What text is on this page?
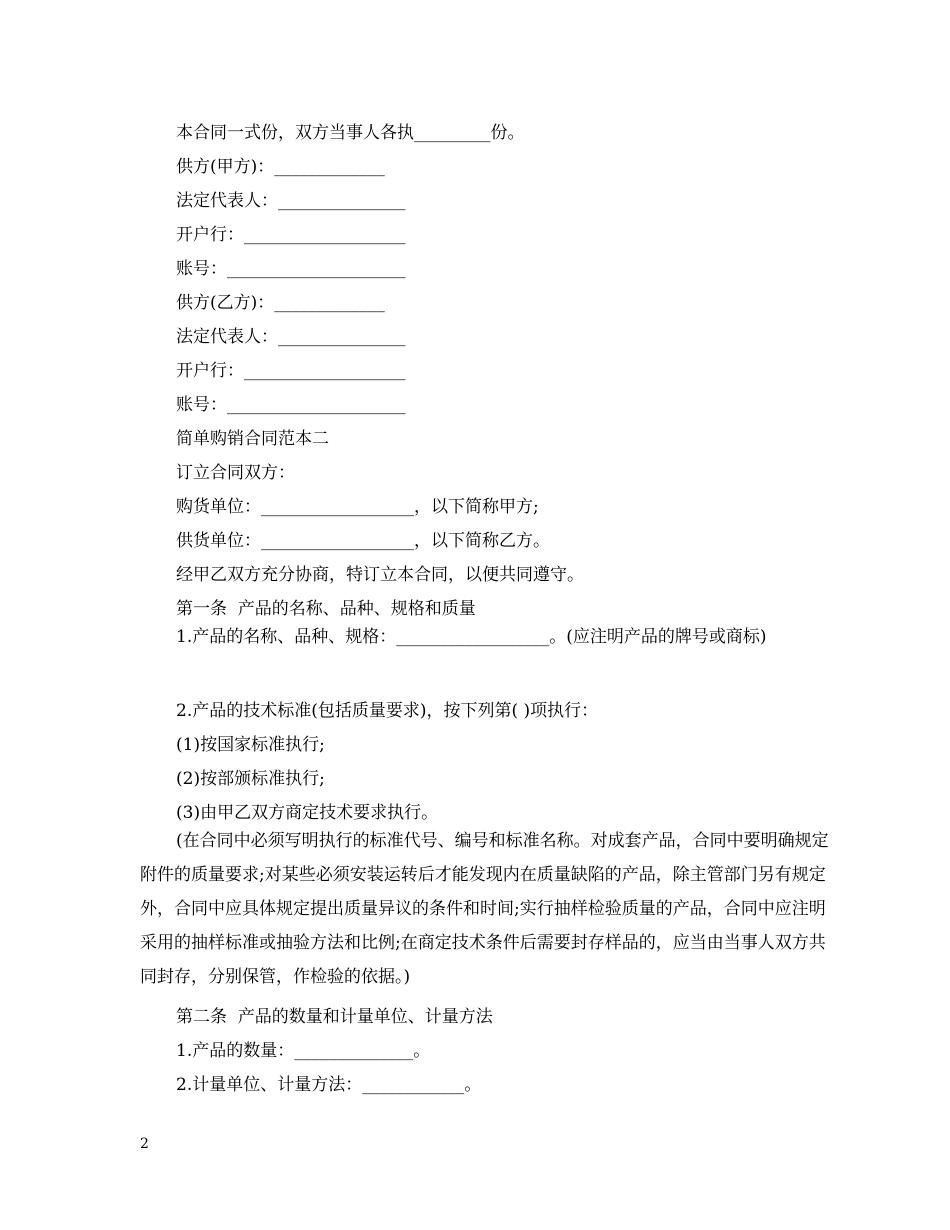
本合同一式份，双方当事人各执_________份。
供方(甲方)：_____________
法定代表人：_______________
开户行：___________________
账号：_____________________
供方(乙方)：_____________
法定代表人：_______________
开户行：___________________
账号：_____________________
简单购销合同范本二
订立合同双方：
购货单位：__________________，以下简称甲方;
供货单位：__________________，以下简称乙方。
经甲乙双方充分协商，特订立本合同，以便共同遵守。
第一条  产品的名称、品种、规格和质量
1.产品的名称、品种、规格：__________________。(应注明产品的牌号或商标)
2.产品的技术标准(包括质量要求)，按下列第( )项执行：
(1)按国家标准执行;
(2)按部颁标准执行;
(3)由甲乙双方商定技术要求执行。
(在合同中必须写明执行的标准代号、编号和标准名称。对成套产品，合同中要明确规定附件的质量要求;对某些必须安装运转后才能发现内在质量缺陷的产品，除主管部门另有规定外，合同中应具体规定提出质量异议的条件和时间;实行抽样检验质量的产品，合同中应注明采用的抽样标准或抽验方法和比例;在商定技术条件后需要封存样品的，应当由当事人双方共同封存，分别保管，作检验的依据。)
第二条  产品的数量和计量单位、计量方法
1.产品的数量：______________。
2.计量单位、计量方法：____________。
2
